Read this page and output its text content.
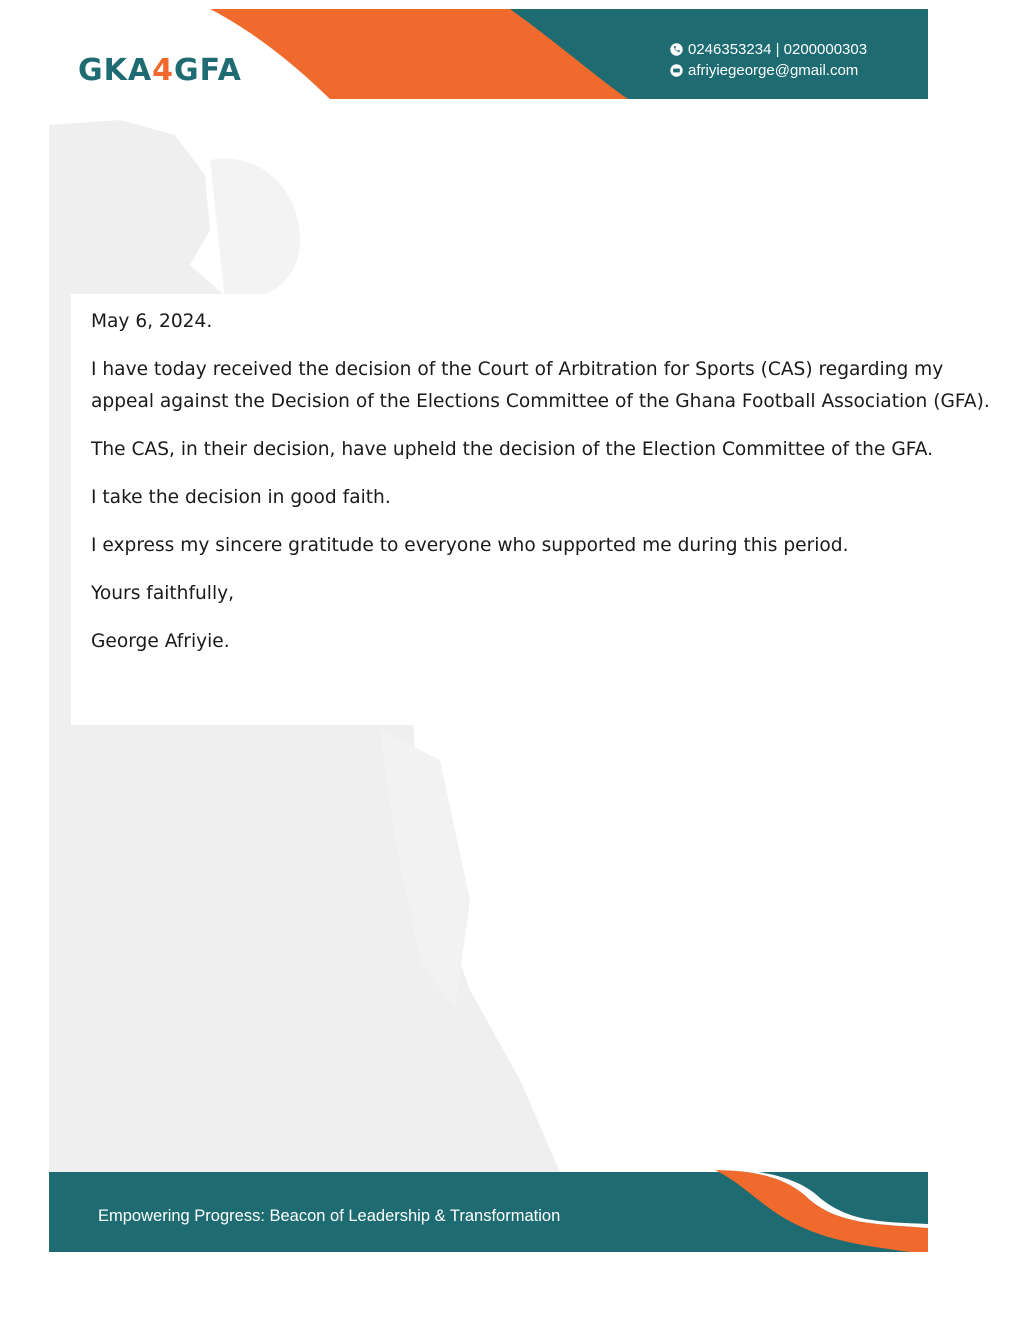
GKA4GFA
0246353234 | 0200000303
afriyiegeorge@gmail.com

May 6, 2024.

I have today received the decision of the Court of Arbitration for Sports (CAS) regarding my appeal against the Decision of the Elections Committee of the Ghana Football Association (GFA).

The CAS, in their decision, have upheld the decision of the Election Committee of the GFA.

I take the decision in good faith.

I express my sincere gratitude to everyone who supported me during this period.

Yours faithfully,

George Afriyie.

Empowering Progress: Beacon of Leadership & Transformation
